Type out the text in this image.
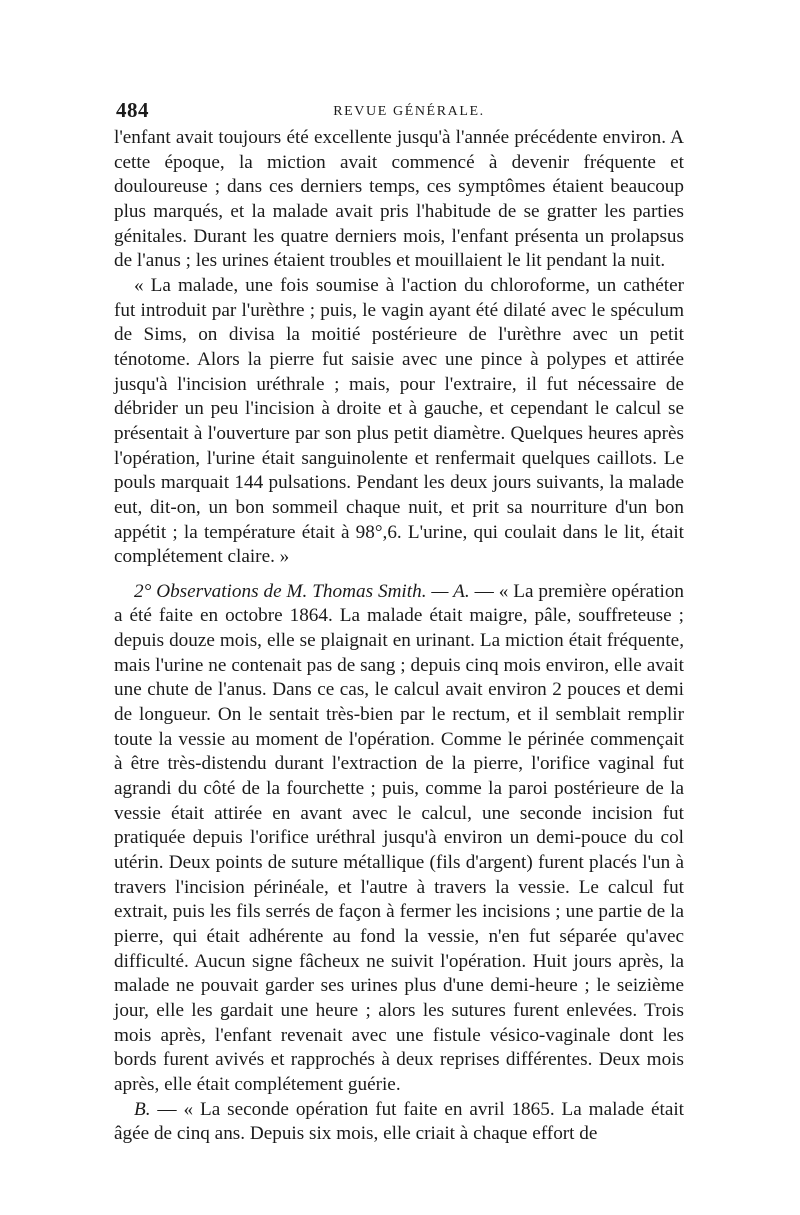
484	REVUE GÉNÉRALE.

l'enfant avait toujours été excellente jusqu'à l'année précédente environ. A cette époque, la miction avait commencé à devenir fréquente et douloureuse ; dans ces derniers temps, ces symptômes étaient beaucoup plus marqués, et la malade avait pris l'habitude de se gratter les parties génitales. Durant les quatre derniers mois, l'enfant présenta un prolapsus de l'anus ; les urines étaient troubles et mouillaient le lit pendant la nuit.

« La malade, une fois soumise à l'action du chloroforme, un cathéter fut introduit par l'urèthre ; puis, le vagin ayant été dilaté avec le spéculum de Sims, on divisa la moitié postérieure de l'urèthre avec un petit ténotome. Alors la pierre fut saisie avec une pince à polypes et attirée jusqu'à l'incision uréthrale ; mais, pour l'extraire, il fut nécessaire de débrider un peu l'incision à droite et à gauche, et cependant le calcul se présentait à l'ouverture par son plus petit diamètre. Quelques heures après l'opération, l'urine était sanguinolente et renfermait quelques caillots. Le pouls marquait 144 pulsations. Pendant les deux jours suivants, la malade eut, dit-on, un bon sommeil chaque nuit, et prit sa nourriture d'un bon appétit ; la température était à 98°,6. L'urine, qui coulait dans le lit, était complétement claire. »

2° Observations de M. Thomas Smith. — A. — « La première opération a été faite en octobre 1864. La malade était maigre, pâle, souffreteuse ; depuis douze mois, elle se plaignait en urinant. La miction était fréquente, mais l'urine ne contenait pas de sang ; depuis cinq mois environ, elle avait une chute de l'anus. Dans ce cas, le calcul avait environ 2 pouces et demi de longueur. On le sentait très-bien par le rectum, et il semblait remplir toute la vessie au moment de l'opération. Comme le périnée commençait à être très-distendu durant l'extraction de la pierre, l'orifice vaginal fut agrandi du côté de la fourchette ; puis, comme la paroi postérieure de la vessie était attirée en avant avec le calcul, une seconde incision fut pratiquée depuis l'orifice uréthral jusqu'à environ un demi-pouce du col utérin. Deux points de suture métallique (fils d'argent) furent placés l'un à travers l'incision périnéale, et l'autre à travers la vessie. Le calcul fut extrait, puis les fils serrés de façon à fermer les incisions ; une partie de la pierre, qui était adhérente au fond la vessie, n'en fut séparée qu'avec difficulté. Aucun signe fâcheux ne suivit l'opération. Huit jours après, la malade ne pouvait garder ses urines plus d'une demi-heure ; le seizième jour, elle les gardait une heure ; alors les sutures furent enlevées. Trois mois après, l'enfant revenait avec une fistule vésico-vaginale dont les bords furent avivés et rapprochés à deux reprises différentes. Deux mois après, elle était complétement guérie.

B. — « La seconde opération fut faite en avril 1865. La malade était âgée de cinq ans. Depuis six mois, elle criait à chaque effort de
